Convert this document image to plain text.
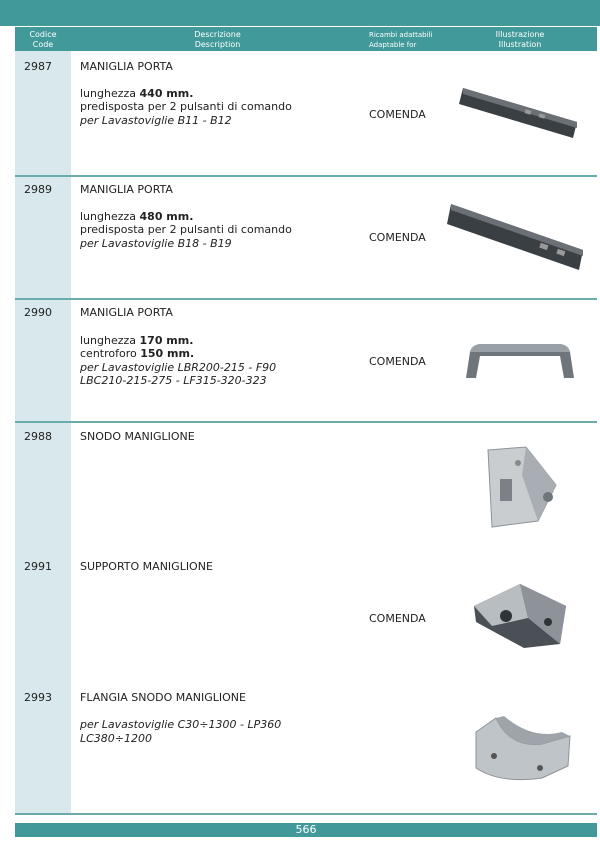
Codice
Code
Descrizione
Description
Ricambi adattabili
Adaptable for
Illustrazione
Illustration
2987	MANIGLIA PORTA
lunghezza 440 mm.
predisposta per 2 pulsanti di comando
per Lavastoviglie B11 - B12	COMENDA
2989	MANIGLIA PORTA
lunghezza 480 mm.
predisposta per 2 pulsanti di comando
per Lavastoviglie B18 - B19	COMENDA
2990	MANIGLIA PORTA
lunghezza 170 mm.
centroforo 150 mm.
per Lavastoviglie LBR200-215 - F90
LBC210-215-275 - LF315-320-323
COMENDA
2988	SNODO MANIGLIONE
2991	SUPPORTO MANIGLIONE
COMENDA
2993	FLANGIA SNODO MANIGLIONE
per Lavastoviglie C30÷1300 - LP360
LC380÷1200
566
